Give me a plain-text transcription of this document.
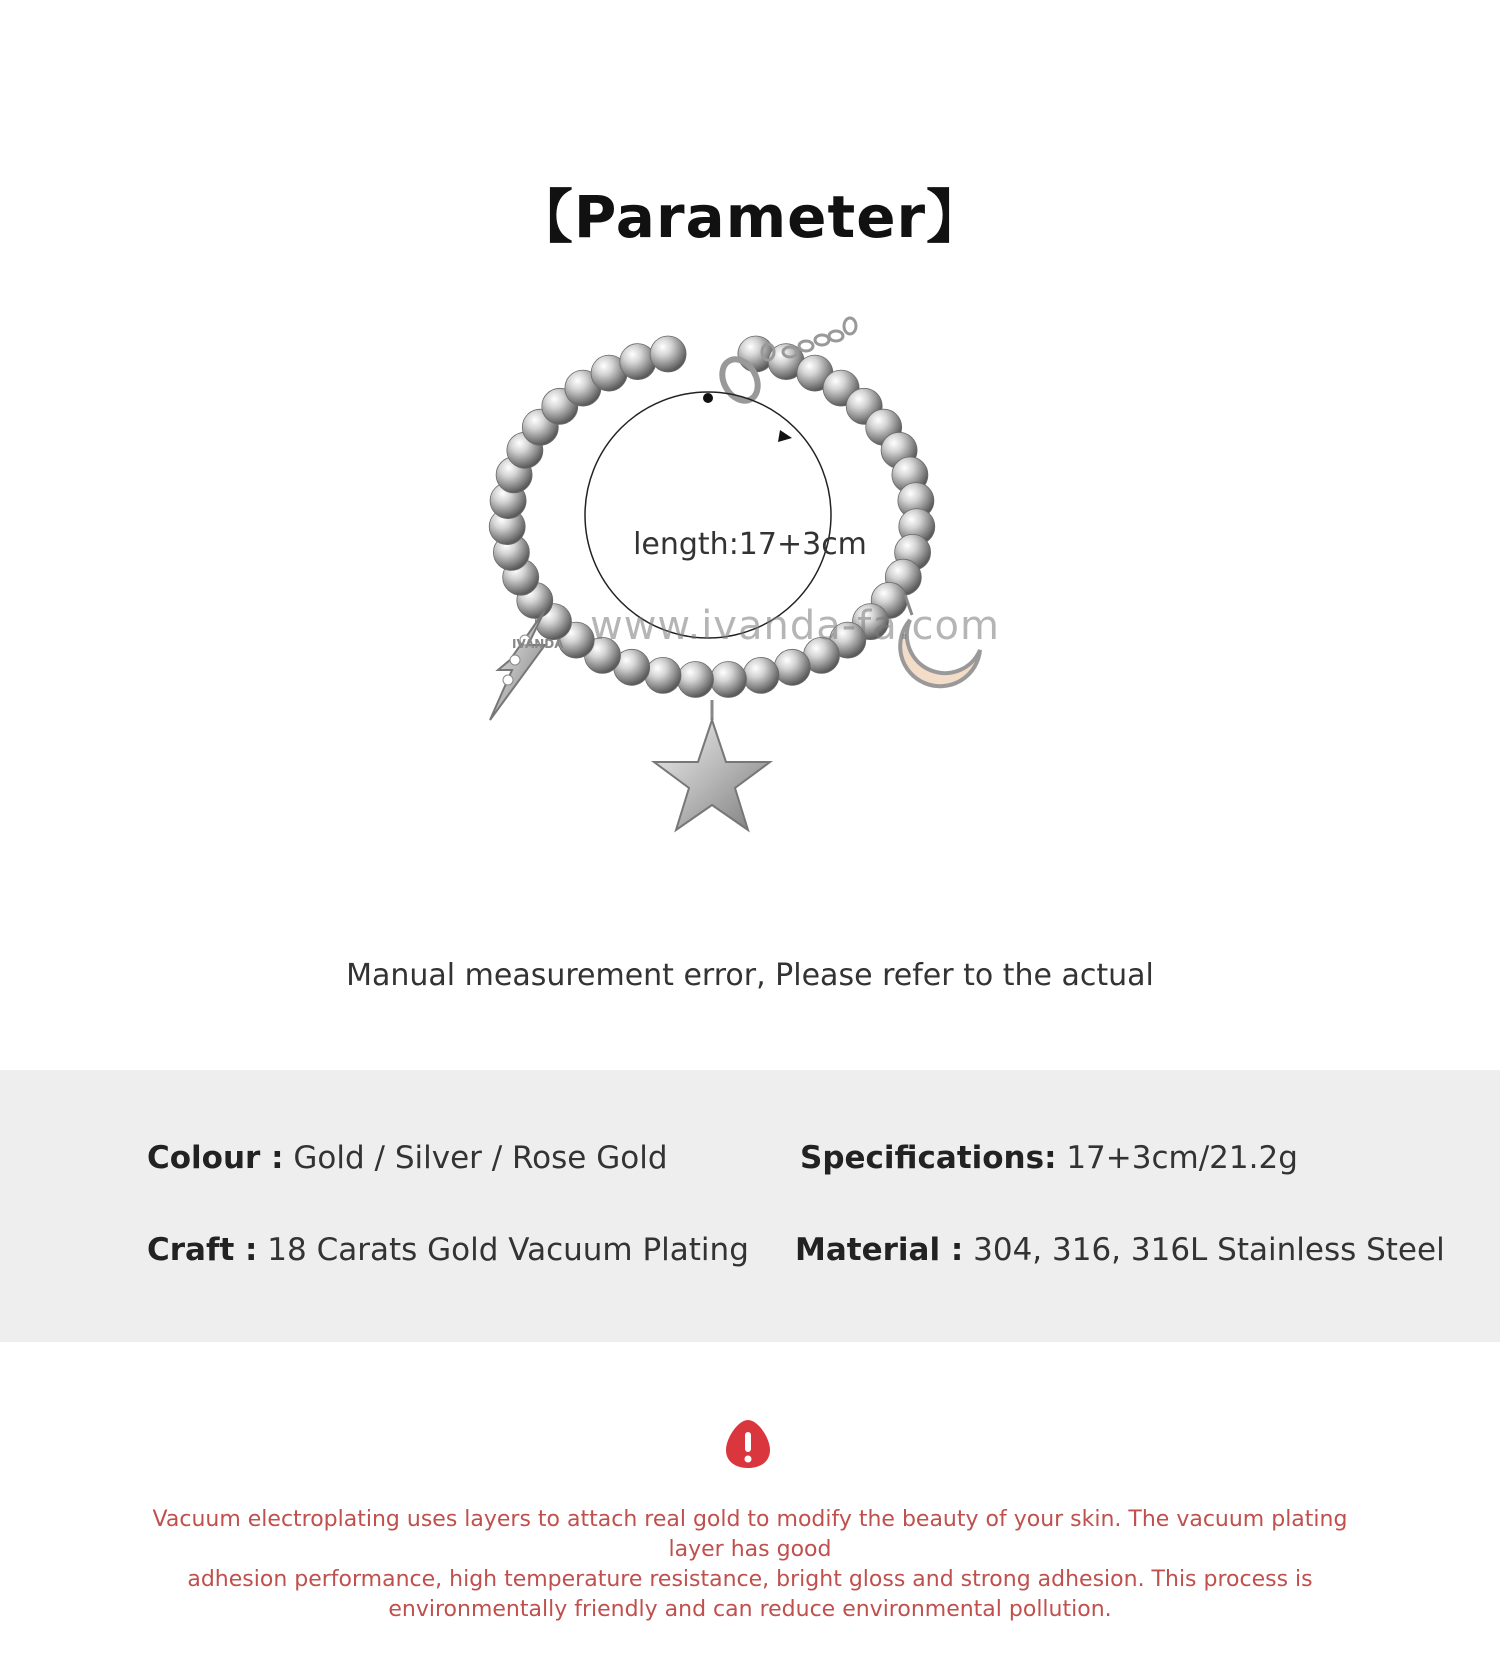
【Parameter】
length:17+3cm
www.ivanda-fa.com
IVANDA
Manual measurement error, Please refer to the actual
Colour : Gold / Silver / Rose Gold	Specifications: 17+3cm/21.2g
Craft : 18 Carats Gold Vacuum Plating Material : 304, 316, 316L Stainless Steel
Vacuum electroplating uses layers to attach real gold to modify the beauty of your skin. The vacuum plating layer has good
adhesion performance, high temperature resistance, bright gloss and strong adhesion. This process is
environmentally friendly and can reduce environmental pollution.
